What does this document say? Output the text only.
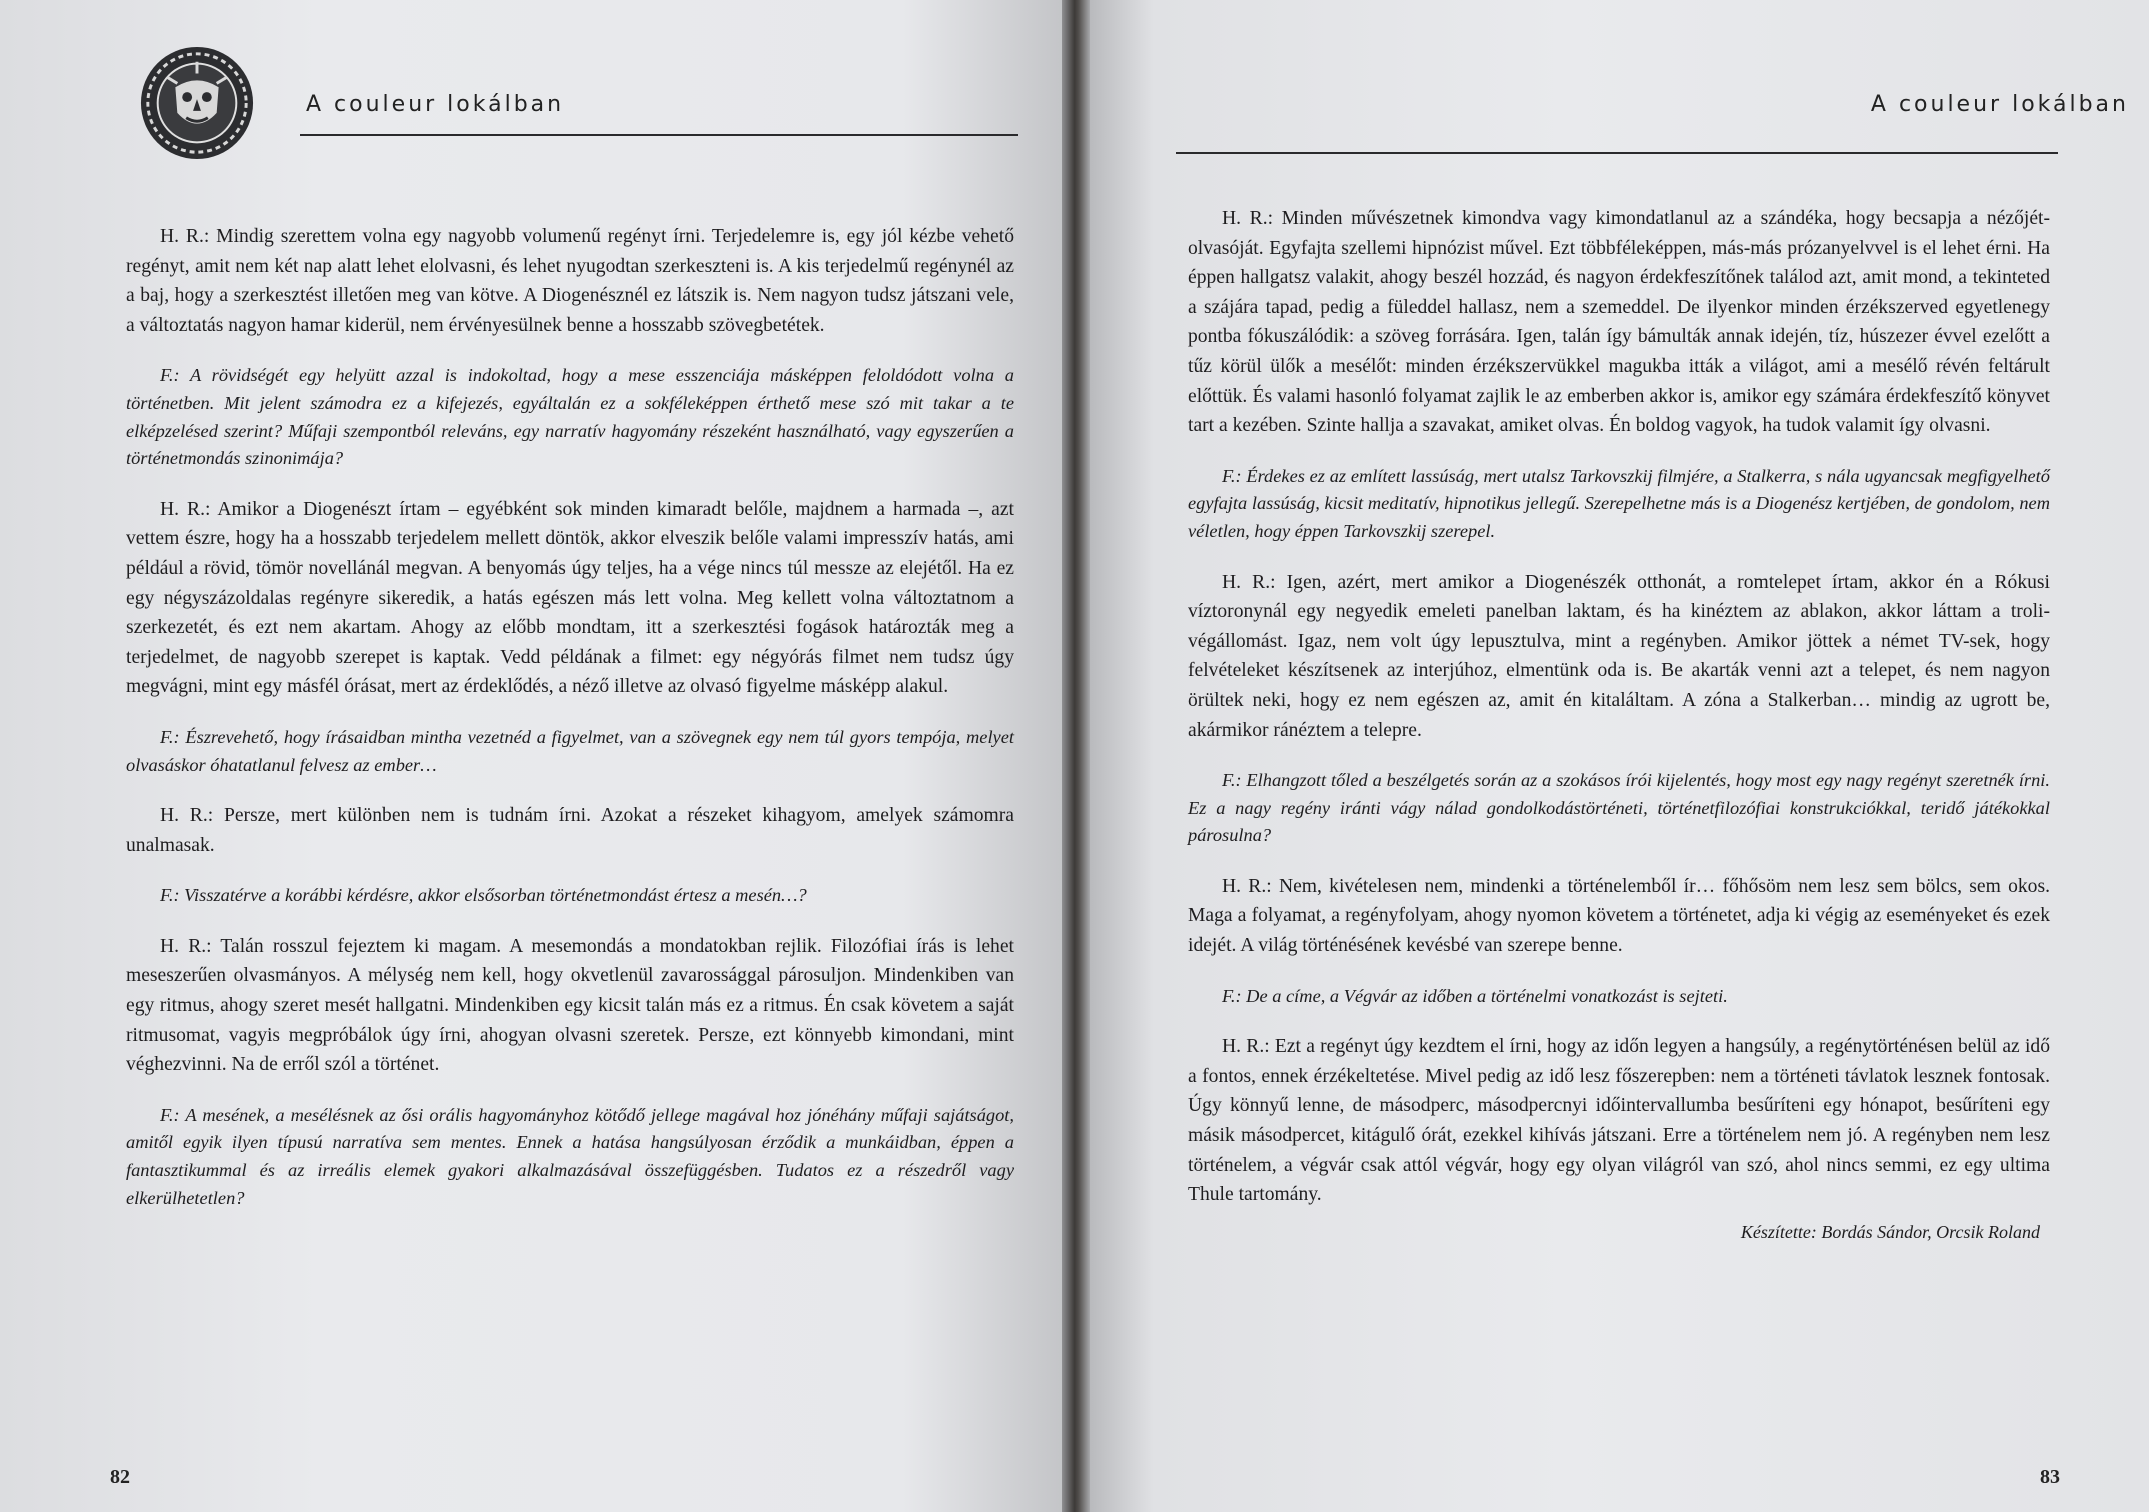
A couleur lokálban

H. R.: Mindig szerettem volna egy nagyobb volumenű regényt írni. Terjedelemre is, egy jól kézbe vehető regényt, amit nem két nap alatt lehet elolvasni, és lehet nyugodtan szerkeszteni is. A kis terjedelmű regénynél az a baj, hogy a szerkesztést illetően meg van kötve. A Diogenésznél ez látszik is. Nem nagyon tudsz játszani vele, a változtatás nagyon hamar kiderül, nem érvényesülnek benne a hosszabb szövegbetétek.

F.: A rövidségét egy helyütt azzal is indokoltad, hogy a mese esszenciája másképpen feloldódott volna a történetben. Mit jelent számodra ez a kifejezés, egyáltalán ez a sokféleképpen érthető mese szó mit takar a te elképzelésed szerint? Műfaji szempontból releváns, egy narratív hagyomány részeként használható, vagy egyszerűen a történetmondás szinonimája?

H. R.: Amikor a Diogenészt írtam – egyébként sok minden kimaradt belőle, majdnem a harmada –, azt vettem észre, hogy ha a hosszabb terjedelem mellett döntök, akkor elveszik belőle valami impresszív hatás, ami például a rövid, tömör novellánál megvan. A benyomás úgy teljes, ha a vége nincs túl messze az elejétől. Ha ez egy négyszázoldalas regényre sikeredik, a hatás egészen más lett volna. Meg kellett volna változtatnom a szerkezetét, és ezt nem akartam. Ahogy az előbb mondtam, itt a szerkesztési fogások határozták meg a terjedelmet, de nagyobb szerepet is kaptak. Vedd példának a filmet: egy négyórás filmet nem tudsz úgy megvágni, mint egy másfél órásat, mert az érdeklődés, a néző illetve az olvasó figyelme másképp alakul.

F.: Észrevehető, hogy írásaidban mintha vezetnéd a figyelmet, van a szövegnek egy nem túl gyors tempója, melyet olvasáskor óhatatlanul felvesz az ember…

H. R.: Persze, mert különben nem is tudnám írni. Azokat a részeket kihagyom, amelyek számomra unalmasak.

F.: Visszatérve a korábbi kérdésre, akkor elsősorban történetmondást értesz a mesén…?

H. R.: Talán rosszul fejeztem ki magam. A mesemondás a mondatokban rejlik. Filozófiai írás is lehet meseszerűen olvasmányos. A mélység nem kell, hogy okvetlenül zavarossággal párosuljon. Mindenkiben van egy ritmus, ahogy szeret mesét hallgatni. Mindenkiben egy kicsit talán más ez a ritmus. Én csak követem a saját ritmusomat, vagyis megpróbálok úgy írni, ahogyan olvasni szeretek. Persze, ezt könnyebb kimondani, mint véghezvinni. Na de erről szól a történet.

F.: A mesének, a mesélésnek az ősi orális hagyományhoz kötődő jellege magával hoz jónéhány műfaji sajátságot, amitől egyik ilyen típusú narratíva sem mentes. Ennek a hatása hangsúlyosan érződik a munkáidban, éppen a fantasztikummal és az irreális elemek gyakori alkalmazásával összefüggésben. Tudatos ez a részedről vagy elkerülhetetlen?

82
A couleur lokálban

H. R.: Minden művészetnek kimondva vagy kimondatlanul az a szándéka, hogy becsapja a nézőjét-olvasóját. Egyfajta szellemi hipnózist művel. Ezt többféleképpen, más-más prózanyelvvel is el lehet érni. Ha éppen hallgatsz valakit, ahogy beszél hozzád, és nagyon érdekfeszítőnek találod azt, amit mond, a tekinteted a szájára tapad, pedig a füleddel hallasz, nem a szemeddel. De ilyenkor minden érzékszerved egyetlenegy pontba fókuszálódik: a szöveg forrására. Igen, talán így bámulták annak idején, tíz, húszezer évvel ezelőtt a tűz körül ülők a mesélőt: minden érzékszervükkel magukba itták a világot, ami a mesélő révén feltárult előttük. És valami hasonló folyamat zajlik le az emberben akkor is, amikor egy számára érdekfeszítő könyvet tart a kezében. Szinte hallja a szavakat, amiket olvas. Én boldog vagyok, ha tudok valamit így olvasni.

F.: Érdekes ez az említett lassúság, mert utalsz Tarkovszkij filmjére, a Stalkerra, s nála ugyancsak megfigyelhető egyfajta lassúság, kicsit meditatív, hipnotikus jellegű. Szerepelhetne más is a Diogenész kertjében, de gondolom, nem véletlen, hogy éppen Tarkovszkij szerepel.

H. R.: Igen, azért, mert amikor a Diogenészék otthonát, a romtelepet írtam, akkor én a Rókusi víztoronynál egy negyedik emeleti panelban laktam, és ha kinéztem az ablakon, akkor láttam a troli-végállomást. Igaz, nem volt úgy lepusztulva, mint a regényben. Amikor jöttek a német TV-sek, hogy felvételeket készítsenek az interjúhoz, elmentünk oda is. Be akarták venni azt a telepet, és nem nagyon örültek neki, hogy ez nem egészen az, amit én kitaláltam. A zóna a Stalkerban… mindig az ugrott be, akármikor ránéztem a telepre.

F.: Elhangzott tőled a beszélgetés során az a szokásos írói kijelentés, hogy most egy nagy regényt szeretnék írni. Ez a nagy regény iránti vágy nálad gondolkodástörténeti, történetfilozófiai konstrukciókkal, teridő játékokkal párosulna?

H. R.: Nem, kivételesen nem, mindenki a történelemből ír… főhősöm nem lesz sem bölcs, sem okos. Maga a folyamat, a regényfolyam, ahogy nyomon követem a történetet, adja ki végig az eseményeket és ezek idejét. A világ történésének kevésbé van szerepe benne.

F.: De a címe, a Végvár az időben a történelmi vonatkozást is sejteti.

H. R.: Ezt a regényt úgy kezdtem el írni, hogy az időn legyen a hangsúly, a regénytörténésen belül az idő a fontos, ennek érzékeltetése. Mivel pedig az idő lesz főszerepben: nem a történeti távlatok lesznek fontosak. Úgy könnyű lenne, de másodperc, másodpercnyi időintervallumba besűríteni egy hónapot, besűríteni egy másik másodpercet, kitágulő órát, ezekkel kihívás játszani. Erre a történelem nem jó. A regényben nem lesz történelem, a végvár csak attól végvár, hogy egy olyan világról van szó, ahol nincs semmi, ez egy ultima Thule tartomány.

Készítette: Bordás Sándor, Orcsik Roland
83
